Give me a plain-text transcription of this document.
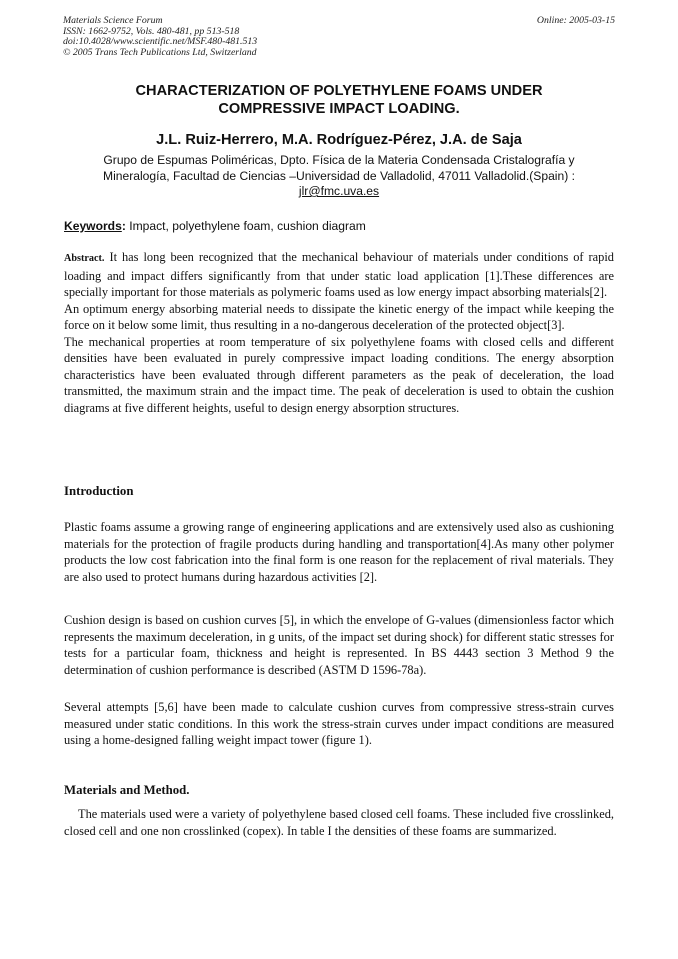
Materials Science Forum
ISSN: 1662-9752, Vols. 480-481, pp 513-518
doi:10.4028/www.scientific.net/MSF.480-481.513
© 2005 Trans Tech Publications Ltd, Switzerland
Online: 2005-03-15
CHARACTERIZATION OF POLYETHYLENE FOAMS UNDER
COMPRESSIVE IMPACT LOADING.
J.L. Ruiz-Herrero, M.A. Rodríguez-Pérez, J.A. de Saja
Grupo de Espumas Poliméricas, Dpto. Física de la Materia Condensada Cristalografía y
Mineralogía, Facultad de Ciencias –Universidad de Valladolid, 47011 Valladolid.(Spain) :
jlr@fmc.uva.es
Keywords: Impact, polyethylene foam, cushion diagram

Abstract. It has long been recognized that the mechanical behaviour of materials under conditions of rapid loading and impact differs significantly from that under static load application [1].These differences are specially important for those materials as polymeric foams used as low energy impact absorbing materials[2].

An optimum energy absorbing material needs to dissipate the kinetic energy of the impact while keeping the force on it below some limit, thus resulting in a no-dangerous deceleration of the protected object[3].

The mechanical properties at room temperature of six polyethylene foams with closed cells and different densities have been evaluated in purely compressive impact loading conditions. The energy absorption characteristics have been evaluated through different parameters as the peak of deceleration, the load transmitted, the maximum strain and the impact time. The peak of deceleration is used to obtain the cushion diagrams at five different heights, useful to design energy absorption structures.

Introduction

Plastic foams assume a growing range of engineering applications and are extensively used also as cushioning materials for the protection of fragile products during handling and transportation[4].As many other polymer products the low cost fabrication into the final form is one reason for the replacement of rival materials. They are also used to protect humans during hazardous activities [2].

Cushion design is based on cushion curves [5], in which the envelope of G-values (dimensionless factor which represents the maximum deceleration, in g units, of the impact set during shock) for different static stresses for tests for a particular foam, thickness and height is represented. In BS 4443 section 3 Method 9 the determination of cushion performance is described (ASTM D 1596-78a).

Several attempts [5,6] have been made to calculate cushion curves from compressive stress-strain curves measured under static conditions. In this work the stress-strain curves under impact conditions are measured using a home-designed falling weight impact tower (figure 1).

Materials and Method.

The materials used were a variety of polyethylene based closed cell foams. These included five crosslinked, closed cell and one non crosslinked (copex). In table I the densities of these foams are summarized.
